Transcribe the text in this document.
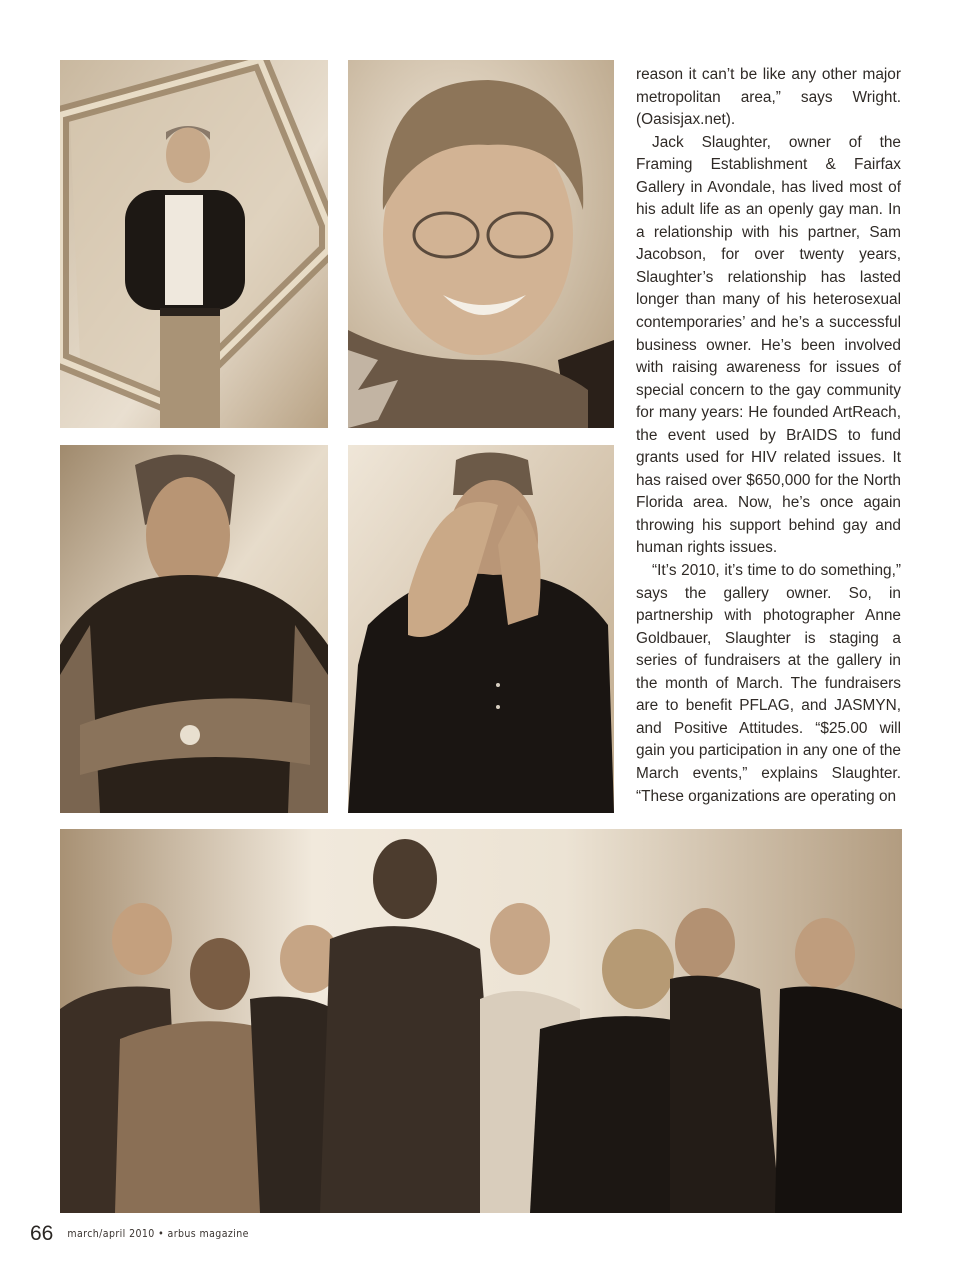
reason it can’t be like any other major metropolitan area,” says Wright. (Oasisjax.net).

Jack Slaughter, owner of the Framing Establishment & Fairfax Gallery in Avondale, has lived most of his adult life as an openly gay man. In a relationship with his partner, Sam Jacobson, for over twenty years, Slaughter’s relationship has lasted longer than many of his heterosexual contemporaries’ and he’s a successful business owner. He’s been involved with raising awareness for issues of special concern to the gay community for many years: He founded ArtReach, the event used by BrAIDS to fund grants used for HIV related issues. It has raised over $650,000 for the North Florida area. Now, he’s once again throwing his support behind gay and human rights issues.

“It’s 2010, it’s time to do something,” says the gallery owner. So, in partnership with photographer Anne Goldbauer, Slaughter is staging a series of fundraisers at the gallery in the month of March. The fundraisers are to benefit PFLAG, and JASMYN, and Positive Attitudes. “$25.00 will gain you participation in any one of the March events,” explains Slaughter. “These organizations are operating on

66 march/april 2010 • arbus magazine
